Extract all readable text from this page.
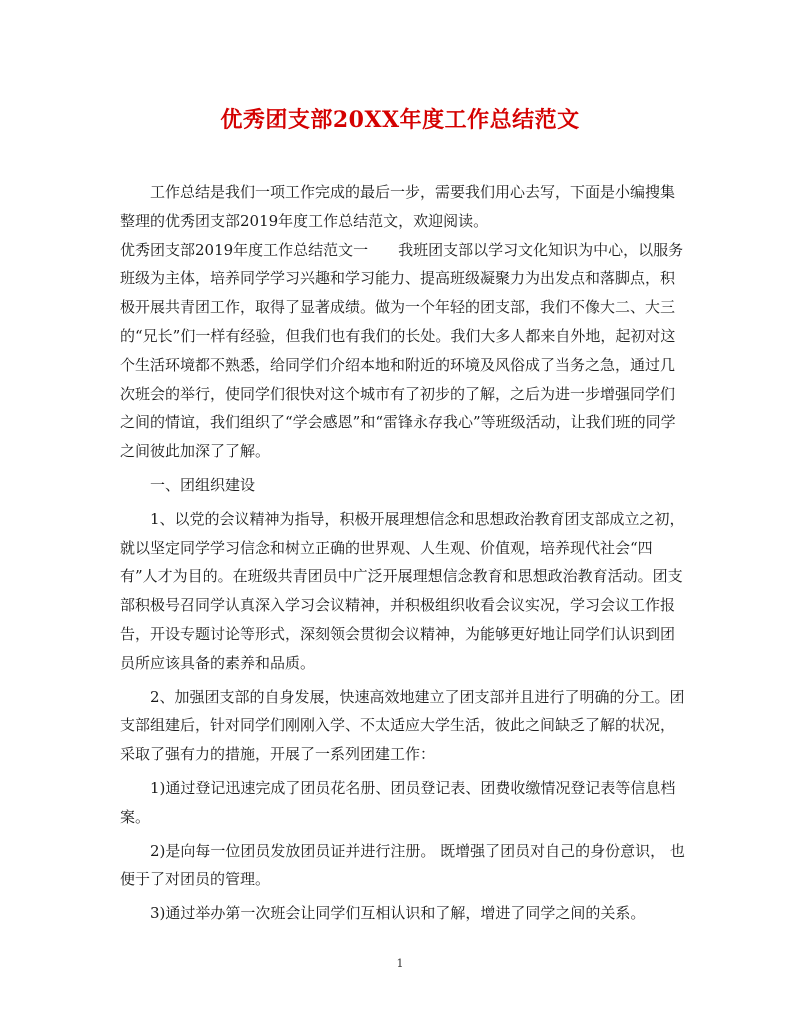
优秀团支部20XX年度工作总结范文

工作总结是我们一项工作完成的最后一步，需要我们用心去写，下面是小编搜集整理的优秀团支部2019年度工作总结范文，欢迎阅读。

优秀团支部2019年度工作总结范文一　　我班团支部以学习文化知识为中心，以服务班级为主体，培养同学学习兴趣和学习能力、提高班级凝聚力为出发点和落脚点，积极开展共青团工作，取得了显著成绩。做为一个年轻的团支部，我们不像大二、大三的“兄长”们一样有经验，但我们也有我们的长处。我们大多人都来自外地，起初对这个生活环境都不熟悉，给同学们介绍本地和附近的环境及风俗成了当务之急，通过几次班会的举行，使同学们很快对这个城市有了初步的了解，之后为进一步增强同学们之间的情谊，我们组织了“学会感恩”和“雷锋永存我心”等班级活动，让我们班的同学之间彼此加深了了解。

一、团组织建设

1、以党的会议精神为指导，积极开展理想信念和思想政治教育团支部成立之初，就以坚定同学学习信念和树立正确的世界观、人生观、价值观，培养现代社会“四有”人才为目的。在班级共青团员中广泛开展理想信念教育和思想政治教育活动。团支部积极号召同学认真深入学习会议精神，并积极组织收看会议实况，学习会议工作报告，开设专题讨论等形式，深刻领会贯彻会议精神，为能够更好地让同学们认识到团员所应该具备的素养和品质。

2、加强团支部的自身发展，快速高效地建立了团支部并且进行了明确的分工。团支部组建后，针对同学们刚刚入学、不太适应大学生活，彼此之间缺乏了解的状况，采取了强有力的措施，开展了一系列团建工作：

1)通过登记迅速完成了团员花名册、团员登记表、团费收缴情况登记表等信息档案。

2)是向每一位团员发放团员证并进行注册。 既增强了团员对自己的身份意识， 也便于了对团员的管理。

3)通过举办第一次班会让同学们互相认识和了解，增进了同学之间的关系。

1
